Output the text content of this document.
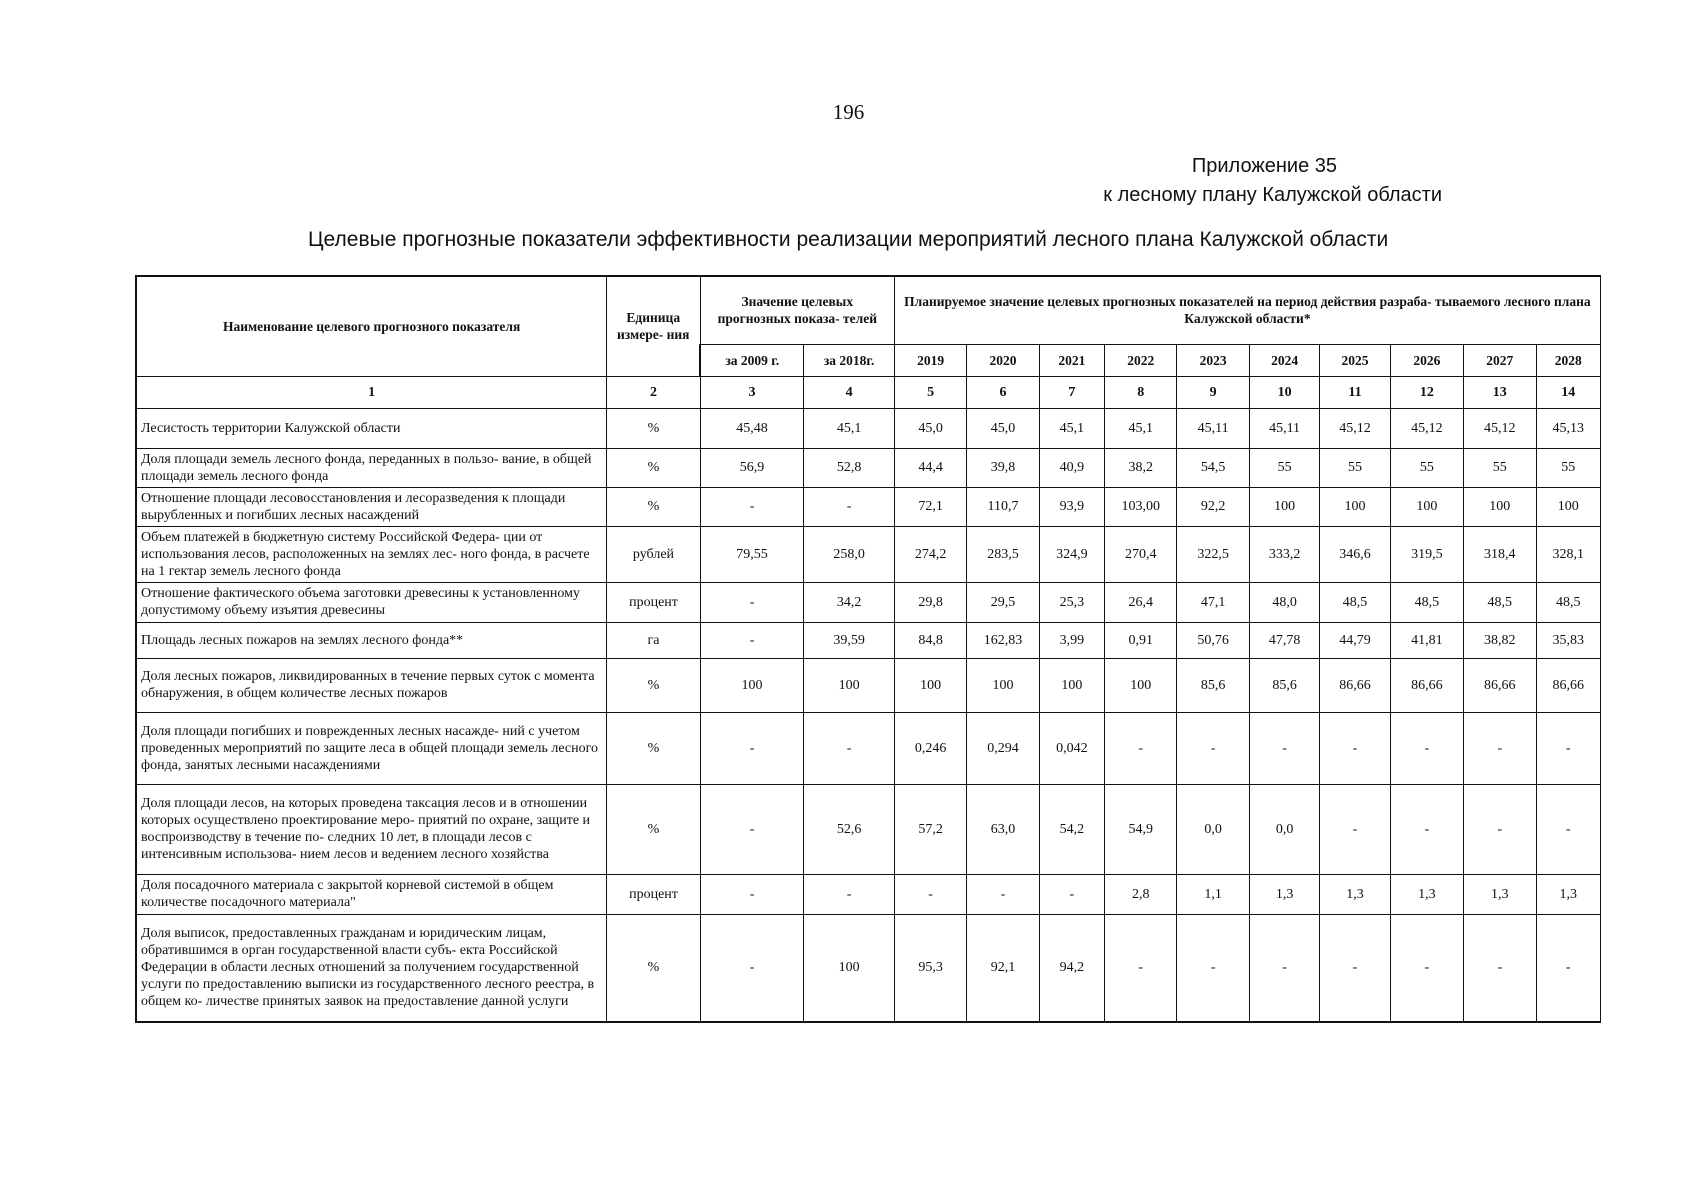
196
Приложение 35
к лесному плану Калужской области
Целевые прогнозные показатели эффективности реализации мероприятий лесного плана Калужской области
Наименование целевого прогнозного показателя	Единица измере- ния	Значение целевых прогнозных показа- телей		Планируемое значение целевых прогнозных показателей на период действия разраба- тываемого лесного плана Калужской области*									
		за 2009 г.	за 2018г.	2019	2020	2021	2022	2023	2024	2025	2026	2027	2028
1	2	3	4	5	6	7	8	9	10	11	12	13	14
Лесистость территории Калужской области	%	45,48	45,1	45,0	45,0	45,1	45,1	45,11	45,11	45,12	45,12	45,12	45,13
Доля площади земель лесного фонда, переданных в пользо- вание, в общей площади земель лесного фонда	%	56,9	52,8	44,4	39,8	40,9	38,2	54,5	55	55	55	55	55
Отношение площади лесовосстановления и лесоразведения к площади вырубленных и погибших лесных насаждений	%	-	-	72,1	110,7	93,9	103,00	92,2	100	100	100	100	100
Объем платежей в бюджетную систему Российской Федера- ции от использования лесов, расположенных на землях лес- ного фонда, в расчете на 1 гектар земель лесного фонда	рублей	79,55	258,0	274,2	283,5	324,9	270,4	322,5	333,2	346,6	319,5	318,4	328,1
Отношение фактического объема заготовки древесины к установленному допустимому объему изъятия древесины	процент	-	34,2	29,8	29,5	25,3	26,4	47,1	48,0	48,5	48,5	48,5	48,5
Площадь лесных пожаров на землях лесного фонда**	га	-	39,59	84,8	162,83	3,99	0,91	50,76	47,78	44,79	41,81	38,82	35,83
Доля лесных пожаров, ликвидированных в течение первых суток с момента обнаружения, в общем количестве лесных пожаров	%	100	100	100	100	100	100	85,6	85,6	86,66	86,66	86,66	86,66
Доля площади погибших и поврежденных лесных насажде- ний с учетом проведенных мероприятий по защите леса в общей площади земель лесного фонда, занятых лесными насаждениями	%	-	-	0,246	0,294	0,042	-	-	-	-	-	-	-
Доля площади лесов, на которых проведена таксация лесов и в отношении которых осуществлено проектирование меро- приятий по охране, защите и воспроизводству в течение по- следних 10 лет, в площади лесов с интенсивным использова- нием лесов и ведением лесного хозяйства	%	-	52,6	57,2	63,0	54,2	54,9	0,0	0,0	-	-	-	-
Доля посадочного материала с закрытой корневой системой в общем количестве посадочного материала"	процент	-	-	-	-	-	2,8	1,1	1,3	1,3	1,3	1,3	1,3
Доля выписок, предоставленных гражданам и юридическим лицам, обратившимся в орган государственной власти субъ- екта Российской Федерации в области лесных отношений за получением государственной услуги по предоставлению выписки из государственного лесного реестра, в общем ко- личестве принятых заявок на предоставление данной услуги	%	-	100	95,3	92,1	94,2	-	-	-	-	-	-	-
